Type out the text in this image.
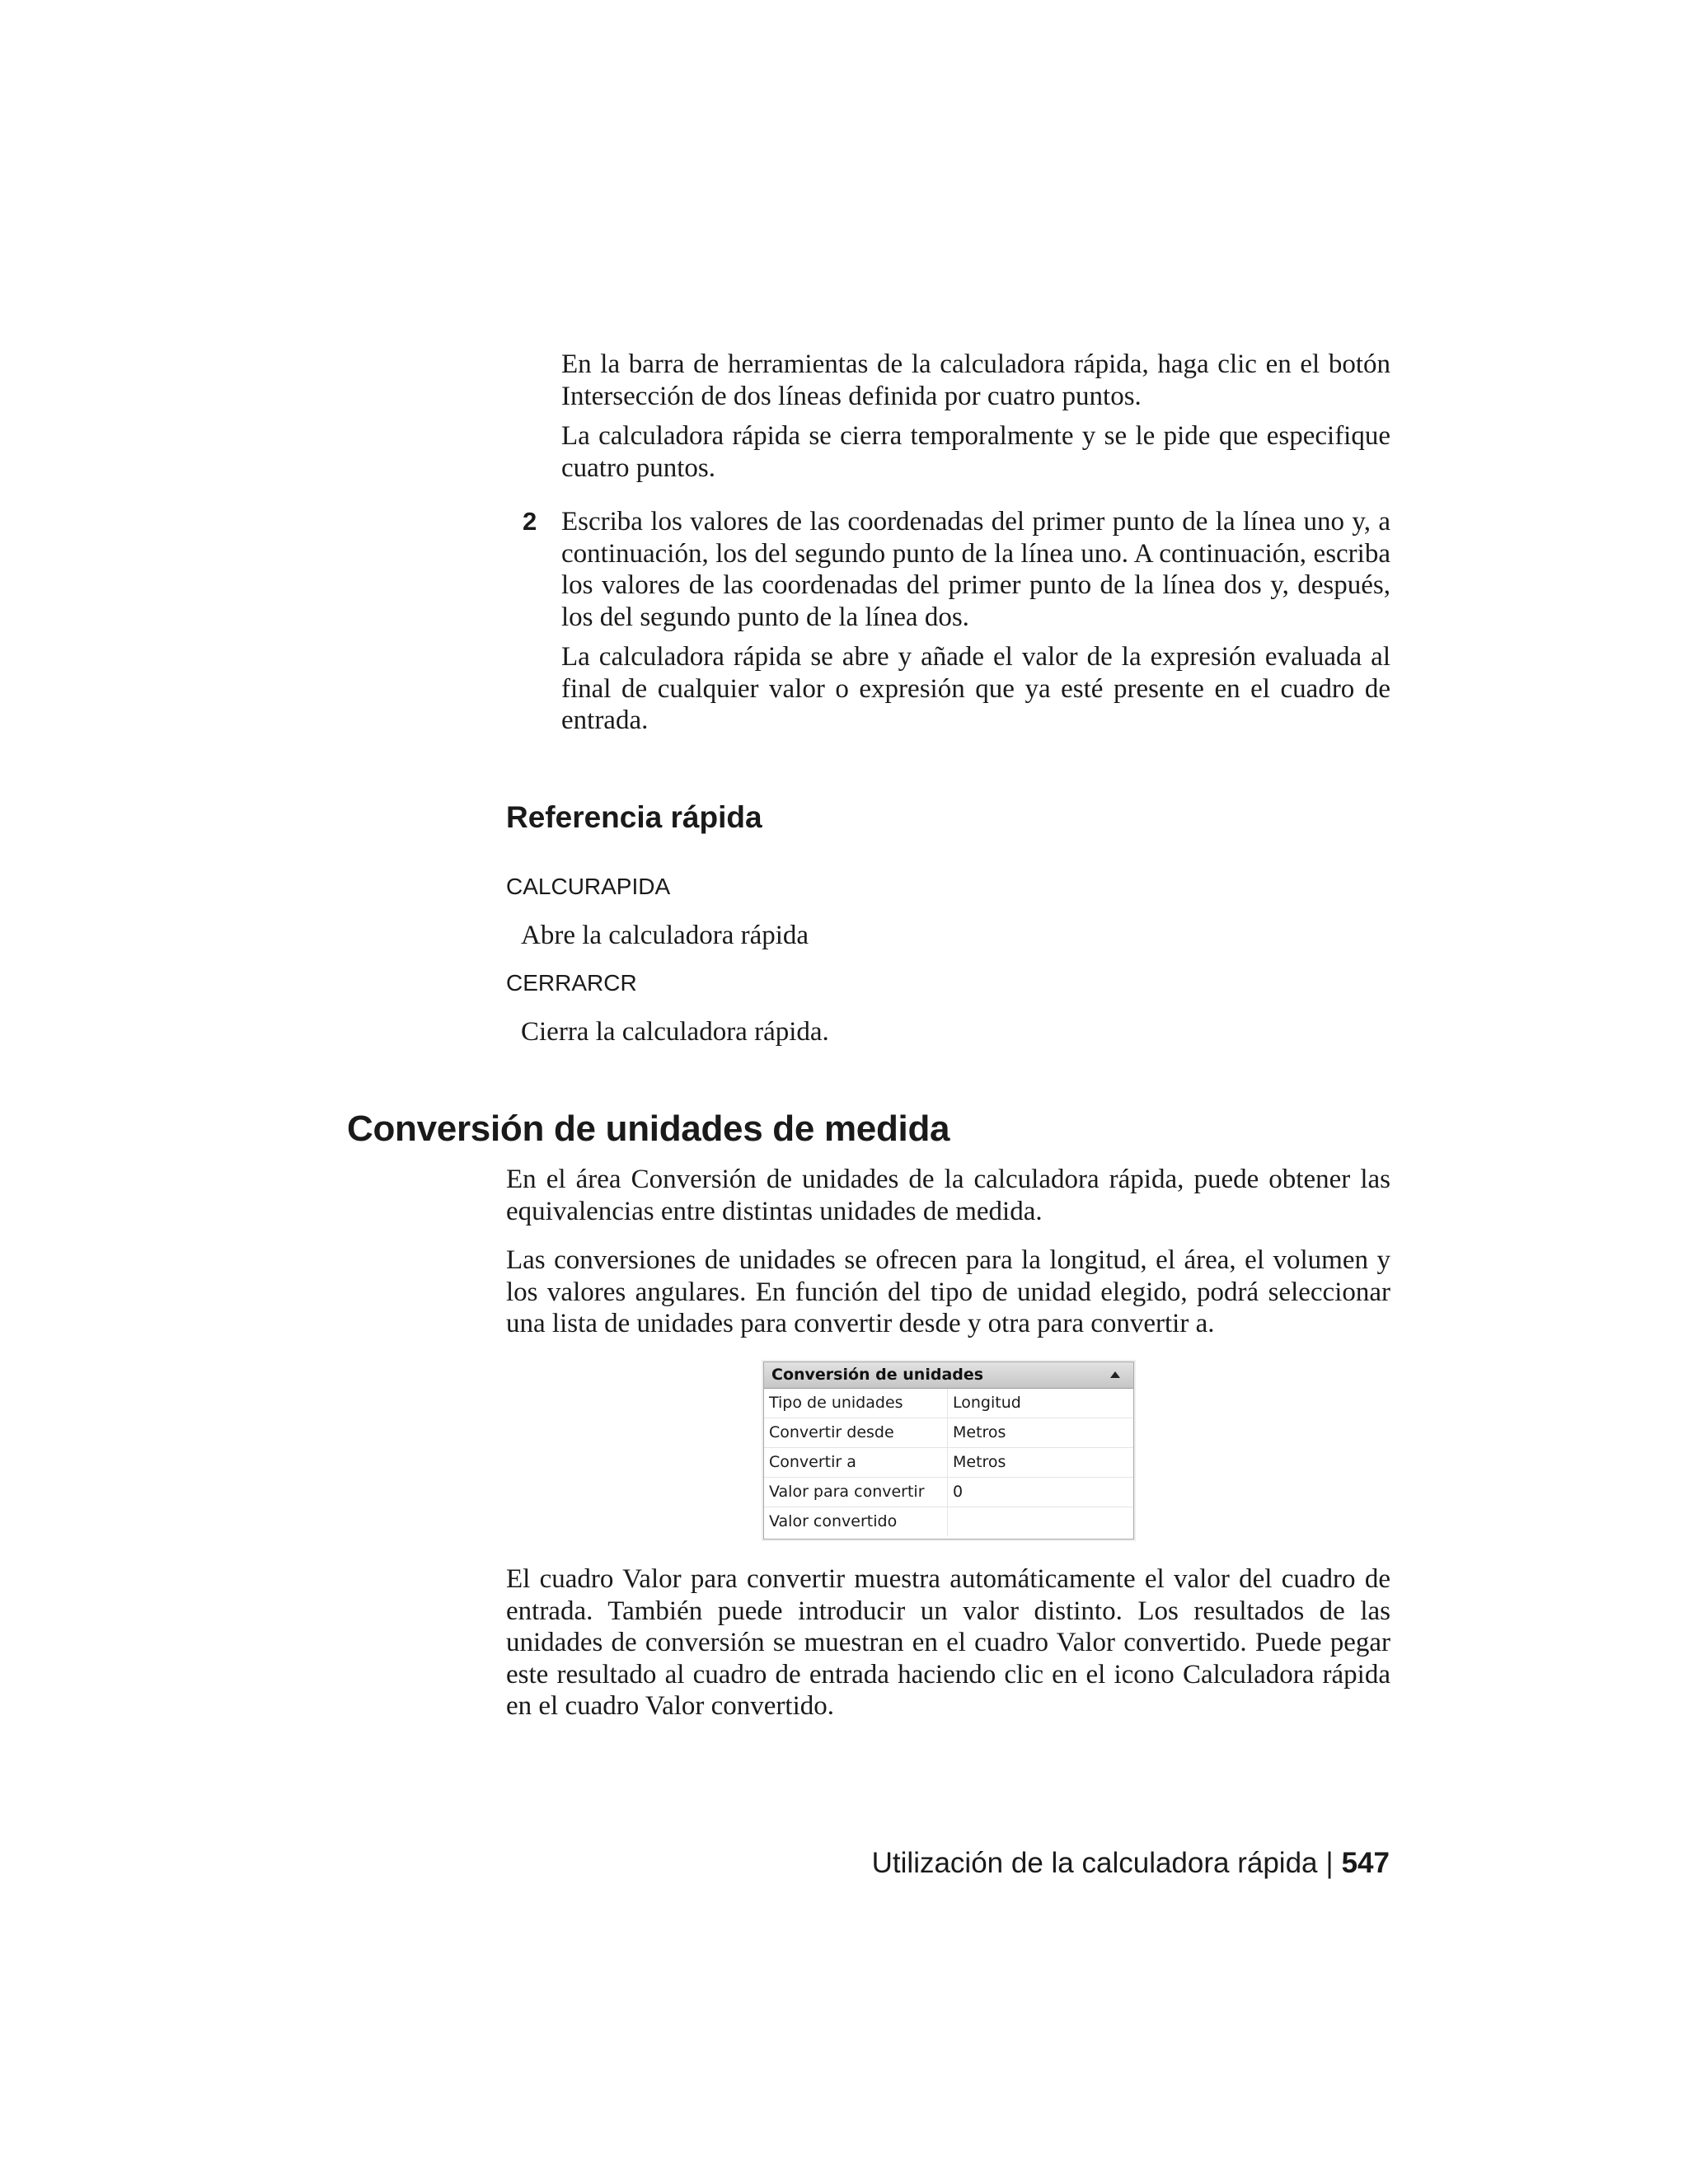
En la barra de herramientas de la calculadora rápida, haga clic en el botón Intersección de dos líneas definida por cuatro puntos.

La calculadora rápida se cierra temporalmente y se le pide que especifique cuatro puntos.

2 Escriba los valores de las coordenadas del primer punto de la línea uno y, a continuación, los del segundo punto de la línea uno. A continuación, escriba los valores de las coordenadas del primer punto de la línea dos y, después, los del segundo punto de la línea dos.

La calculadora rápida se abre y añade el valor de la expresión evaluada al final de cualquier valor o expresión que ya esté presente en el cuadro de entrada.

Referencia rápida

CALCURAPIDA

Abre la calculadora rápida

CERRARCR

Cierra la calculadora rápida.

Conversión de unidades de medida

En el área Conversión de unidades de la calculadora rápida, puede obtener las equivalencias entre distintas unidades de medida.

Las conversiones de unidades se ofrecen para la longitud, el área, el volumen y los valores angulares. En función del tipo de unidad elegido, podrá seleccionar una lista de unidades para convertir desde y otra para convertir a.

Conversión de unidades
Tipo de unidades	Longitud
Convertir desde	Metros
Convertir a	Metros
Valor para convertir 0
Valor convertido

El cuadro Valor para convertir muestra automáticamente el valor del cuadro de entrada. También puede introducir un valor distinto. Los resultados de las unidades de conversión se muestran en el cuadro Valor convertido. Puede pegar este resultado al cuadro de entrada haciendo clic en el icono Calculadora rápida en el cuadro Valor convertido.

Utilización de la calculadora rápida | 547
